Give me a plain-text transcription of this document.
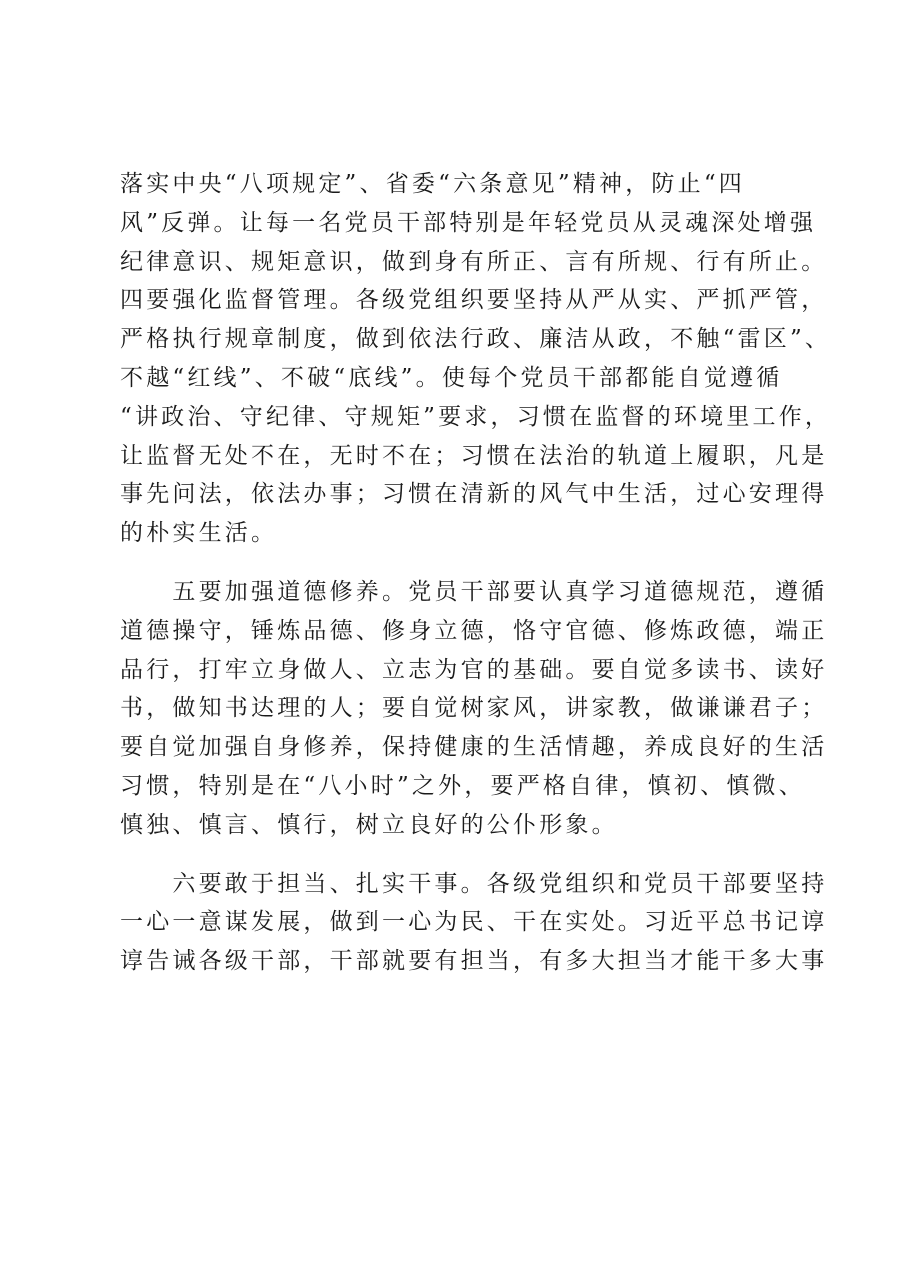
落实中央“八项规定”、省委“六条意见”精神，防止“四
风”反弹。让每一名党员干部特别是年轻党员从灵魂深处增强
纪律意识、规矩意识，做到身有所正、言有所规、行有所止。
四要强化监督管理。各级党组织要坚持从严从实、严抓严管，
严格执行规章制度，做到依法行政、廉洁从政，不触“雷区”、
不越“红线”、不破“底线”。使每个党员干部都能自觉遵循
“讲政治、守纪律、守规矩”要求，习惯在监督的环境里工作，
让监督无处不在，无时不在；习惯在法治的轨道上履职，凡是
事先问法，依法办事；习惯在清新的风气中生活，过心安理得
的朴实生活。
　　五要加强道德修养。党员干部要认真学习道德规范，遵循
道德操守，锤炼品德、修身立德，恪守官德、修炼政德，端正
品行，打牢立身做人、立志为官的基础。要自觉多读书、读好
书，做知书达理的人；要自觉树家风，讲家教，做谦谦君子；
要自觉加强自身修养，保持健康的生活情趣，养成良好的生活
习惯，特别是在“八小时”之外，要严格自律，慎初、慎微、
慎独、慎言、慎行，树立良好的公仆形象。
　　六要敢于担当、扎实干事。各级党组织和党员干部要坚持
一心一意谋发展，做到一心为民、干在实处。习近平总书记谆
谆告诫各级干部，干部就要有担当，有多大担当才能干多大事
